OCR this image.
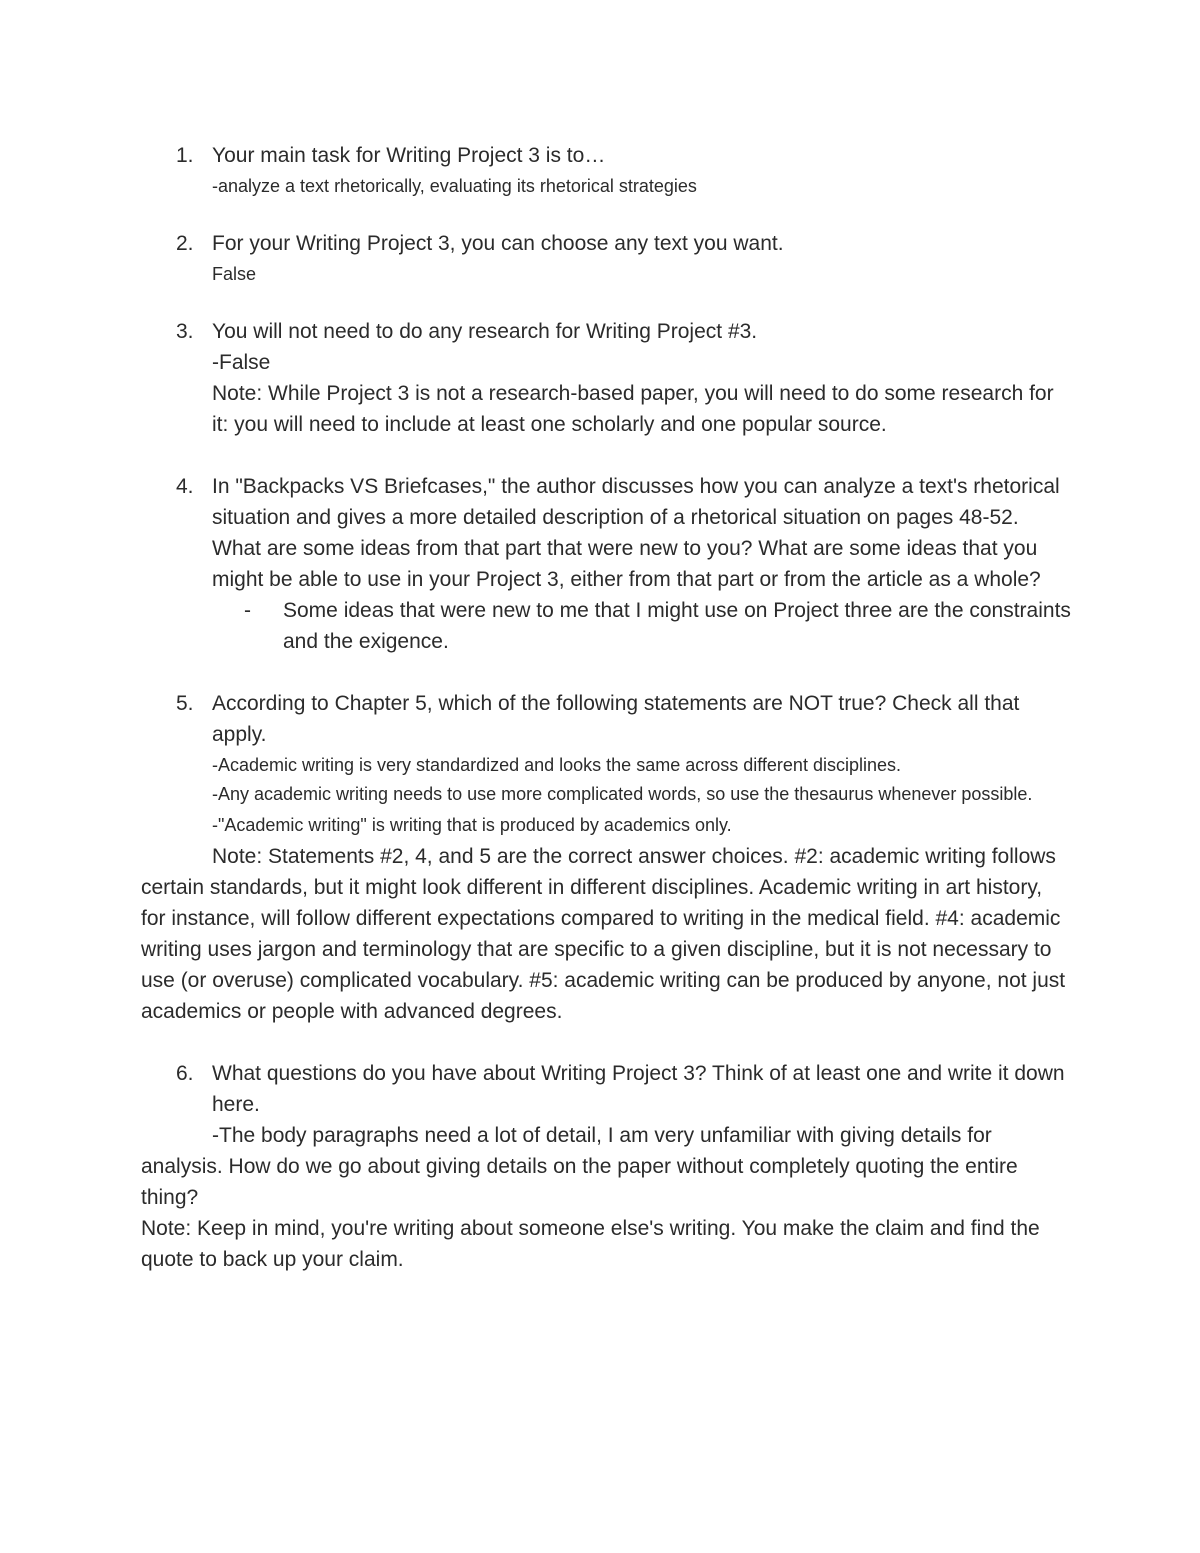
1. Your main task for Writing Project 3 is to…
-analyze a text rhetorically, evaluating its rhetorical strategies
2. For your Writing Project 3, you can choose any text you want.
False
3. You will not need to do any research for Writing Project #3.
-False
Note: While Project 3 is not a research-based paper, you will need to do some research for it: you will need to include at least one scholarly and one popular source.
4. In "Backpacks VS Briefcases," the author discusses how you can analyze a text's rhetorical situation and gives a more detailed description of a rhetorical situation on pages 48-52. What are some ideas from that part that were new to you? What are some ideas that you might be able to use in your Project 3, either from that part or from the article as a whole?
- Some ideas that were new to me that I might use on Project three are the constraints and the exigence.
5. According to Chapter 5, which of the following statements are NOT true? Check all that apply.
-Academic writing is very standardized and looks the same across different disciplines.
-Any academic writing needs to use more complicated words, so use the thesaurus whenever possible.
-"Academic writing" is writing that is produced by academics only.
Note: Statements #2, 4, and 5 are the correct answer choices. #2: academic writing follows certain standards, but it might look different in different disciplines. Academic writing in art history, for instance, will follow different expectations compared to writing in the medical field. #4: academic writing uses jargon and terminology that are specific to a given discipline, but it is not necessary to use (or overuse) complicated vocabulary. #5: academic writing can be produced by anyone, not just academics or people with advanced degrees.
6. What questions do you have about Writing Project 3? Think of at least one and write it down here.
-The body paragraphs need a lot of detail, I am very unfamiliar with giving details for analysis. How do we go about giving details on the paper without completely quoting the entire thing?
Note: Keep in mind, you're writing about someone else's writing. You make the claim and find the quote to back up your claim.
